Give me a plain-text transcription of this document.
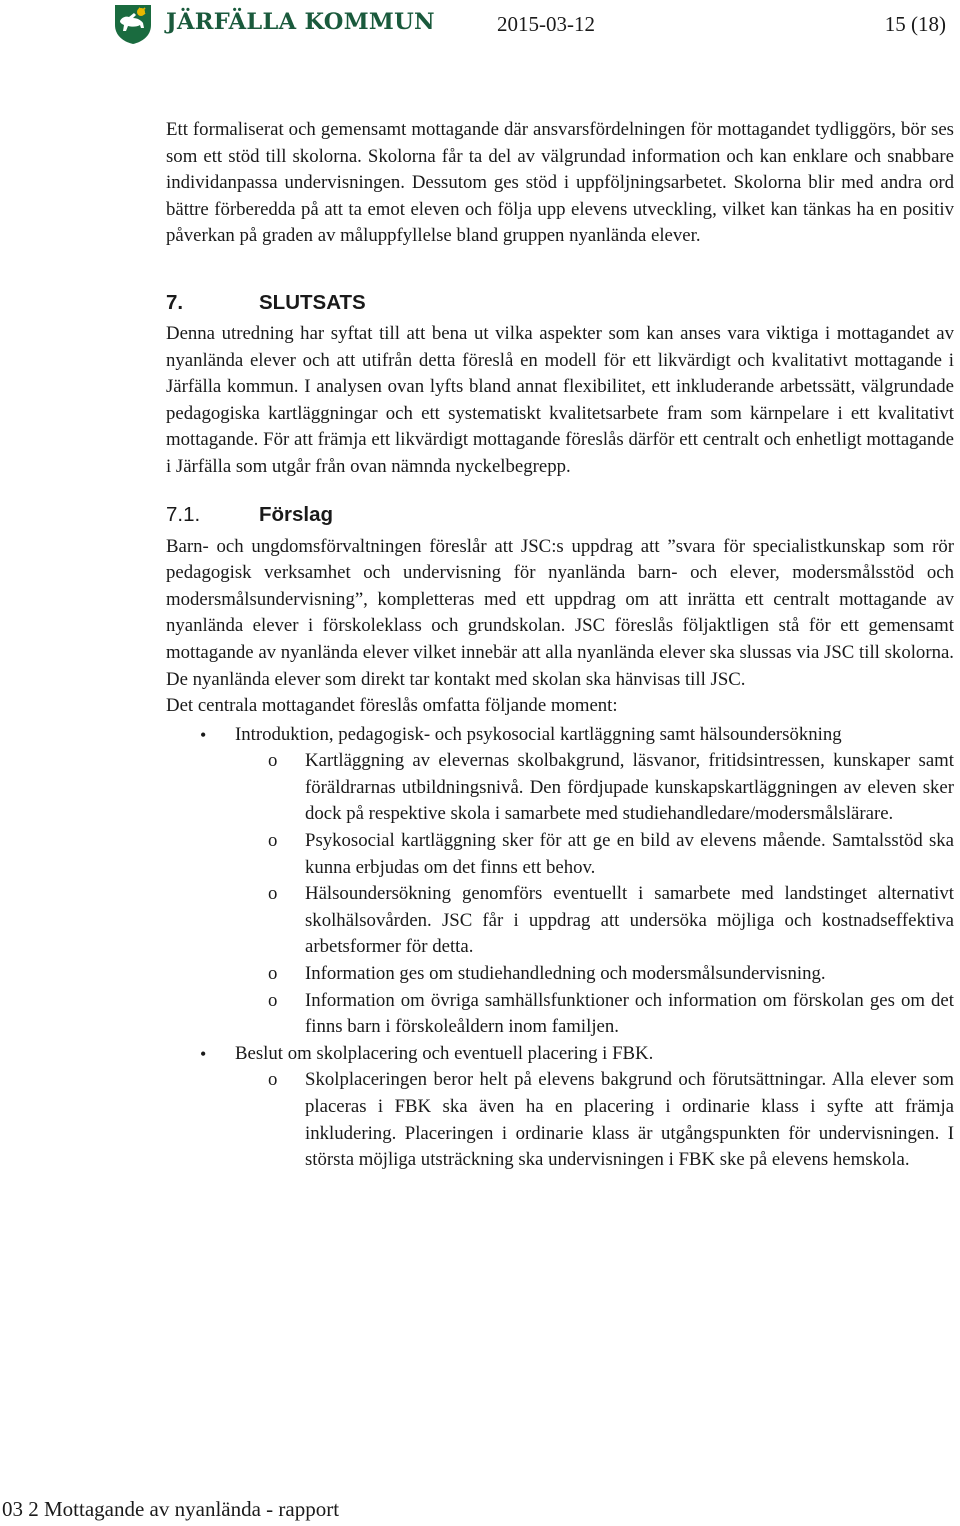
JÄRFÄLLA KOMMUN	2015-03-12	15 (18)

Ett formaliserat och gemensamt mottagande där ansvarsfördelningen för mottagandet tydliggörs, bör ses som ett stöd till skolorna. Skolorna får ta del av välgrundad information och kan enklare och snabbare individanpassa undervisningen. Dessutom ges stöd i uppföljningsarbetet. Skolorna blir med andra ord bättre förberedda på att ta emot eleven och följa upp elevens utveckling, vilket kan tänkas ha en positiv påverkan på graden av måluppfyllelse bland gruppen nyanlända elever.

7.	SLUTSATS

Denna utredning har syftat till att bena ut vilka aspekter som kan anses vara viktiga i mottagandet av nyanlända elever och att utifrån detta föreslå en modell för ett likvärdigt och kvalitativt mottagande i Järfälla kommun. I analysen ovan lyfts bland annat flexibilitet, ett inkluderande arbetssätt, välgrundade pedagogiska kartläggningar och ett systematiskt kvalitetsarbete fram som kärnpelare i ett kvalitativt mottagande. För att främja ett likvärdigt mottagande föreslås därför ett centralt och enhetligt mottagande i Järfälla som utgår från ovan nämnda nyckelbegrepp.

7.1.	Förslag

Barn- och ungdomsförvaltningen föreslår att JSC:s uppdrag att ”svara för specialistkunskap som rör pedagogisk verksamhet och undervisning för nyanlända barn- och elever, modersmålsstöd och modersmålsundervisning”, kompletteras med ett uppdrag om att inrätta ett centralt mottagande av nyanlända elever i förskoleklass och grundskolan. JSC föreslås följaktligen stå för ett gemensamt mottagande av nyanlända elever vilket innebär att alla nyanlända elever ska slussas via JSC till skolorna. De nyanlända elever som direkt tar kontakt med skolan ska hänvisas till JSC.

Det centrala mottagandet föreslås omfatta följande moment:

• Introduktion, pedagogisk- och psykosocial kartläggning samt hälsoundersökning
o Kartläggning av elevernas skolbakgrund, läsvanor, fritidsintressen, kunskaper samt föräldrarnas utbildningsnivå. Den fördjupade kunskapskartläggningen av eleven sker dock på respektive skola i samarbete med studiehandledare/modersmålslärare.
o Psykosocial kartläggning sker för att ge en bild av elevens mående. Samtalsstöd ska kunna erbjudas om det finns ett behov.
o Hälsoundersökning genomförs eventuellt i samarbete med landstinget alternativt skolhälsovården. JSC får i uppdrag att undersöka möjliga och kostnadseffektiva arbetsformer för detta.
o Information ges om studiehandledning och modersmålsundervisning.
o Information om övriga samhällsfunktioner och information om förskolan ges om det finns barn i förskoleåldern inom familjen.
• Beslut om skolplacering och eventuell placering i FBK.
o Skolplaceringen beror helt på elevens bakgrund och förutsättningar. Alla elever som placeras i FBK ska även ha en placering i ordinarie klass i syfte att främja inkludering. Placeringen i ordinarie klass är utgångspunkten för undervisningen. I största möjliga utsträckning ska undervisningen i FBK ske på elevens hemskola.
03 2 Mottagande av nyanlända - rapport
